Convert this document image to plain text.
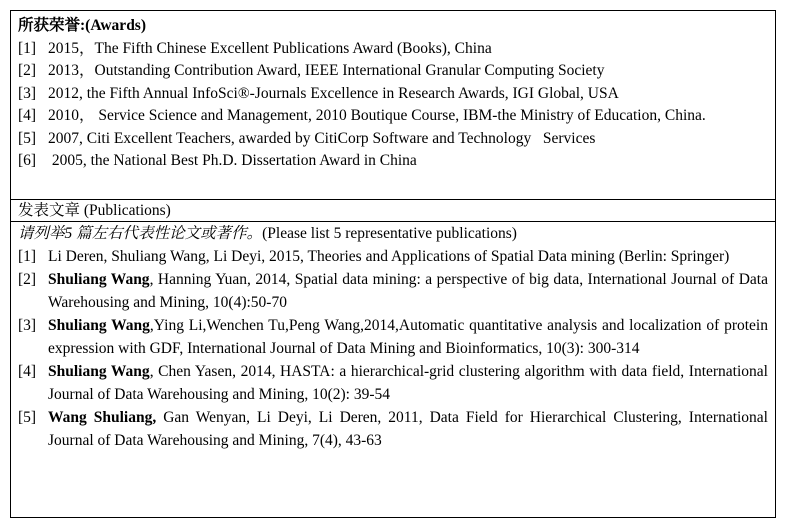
所获荣誉:(Awards)
[1] 2015，The Fifth Chinese Excellent Publications Award (Books), China
[2] 2013，Outstanding Contribution Award, IEEE International Granular Computing Society
[3] 2012, the Fifth Annual InfoSci®-Journals Excellence in Research Awards, IGI Global, USA
[4] 2010， Service Science and Management, 2010 Boutique Course, IBM-the Ministry of Education, China.
[5] 2007, Citi Excellent Teachers, awarded by CitiCorp Software and Technology   Services
[6] 2005, the National Best Ph.D. Dissertation Award in China
发表文章 (Publications)
请列举5 篇左右代表性论文或著作。(Please list 5 representative publications)
[1] Li Deren, Shuliang Wang, Li Deyi, 2015, Theories and Applications of Spatial Data mining (Berlin: Springer)
[2] Shuliang Wang, Hanning Yuan, 2014, Spatial data mining: a perspective of big data, International Journal of Data Warehousing and Mining, 10(4):50-70
[3] Shuliang Wang,Ying Li,Wenchen Tu,Peng Wang,2014,Automatic quantitative analysis and localization of protein expression with GDF, International Journal of Data Mining and Bioinformatics, 10(3): 300-314
[4] Shuliang Wang, Chen Yasen, 2014, HASTA: a hierarchical-grid clustering algorithm with data field, International Journal of Data Warehousing and Mining, 10(2): 39-54
[5] Wang Shuliang, Gan Wenyan, Li Deyi, Li Deren, 2011, Data Field for Hierarchical Clustering, International Journal of Data Warehousing and Mining, 7(4), 43-63
